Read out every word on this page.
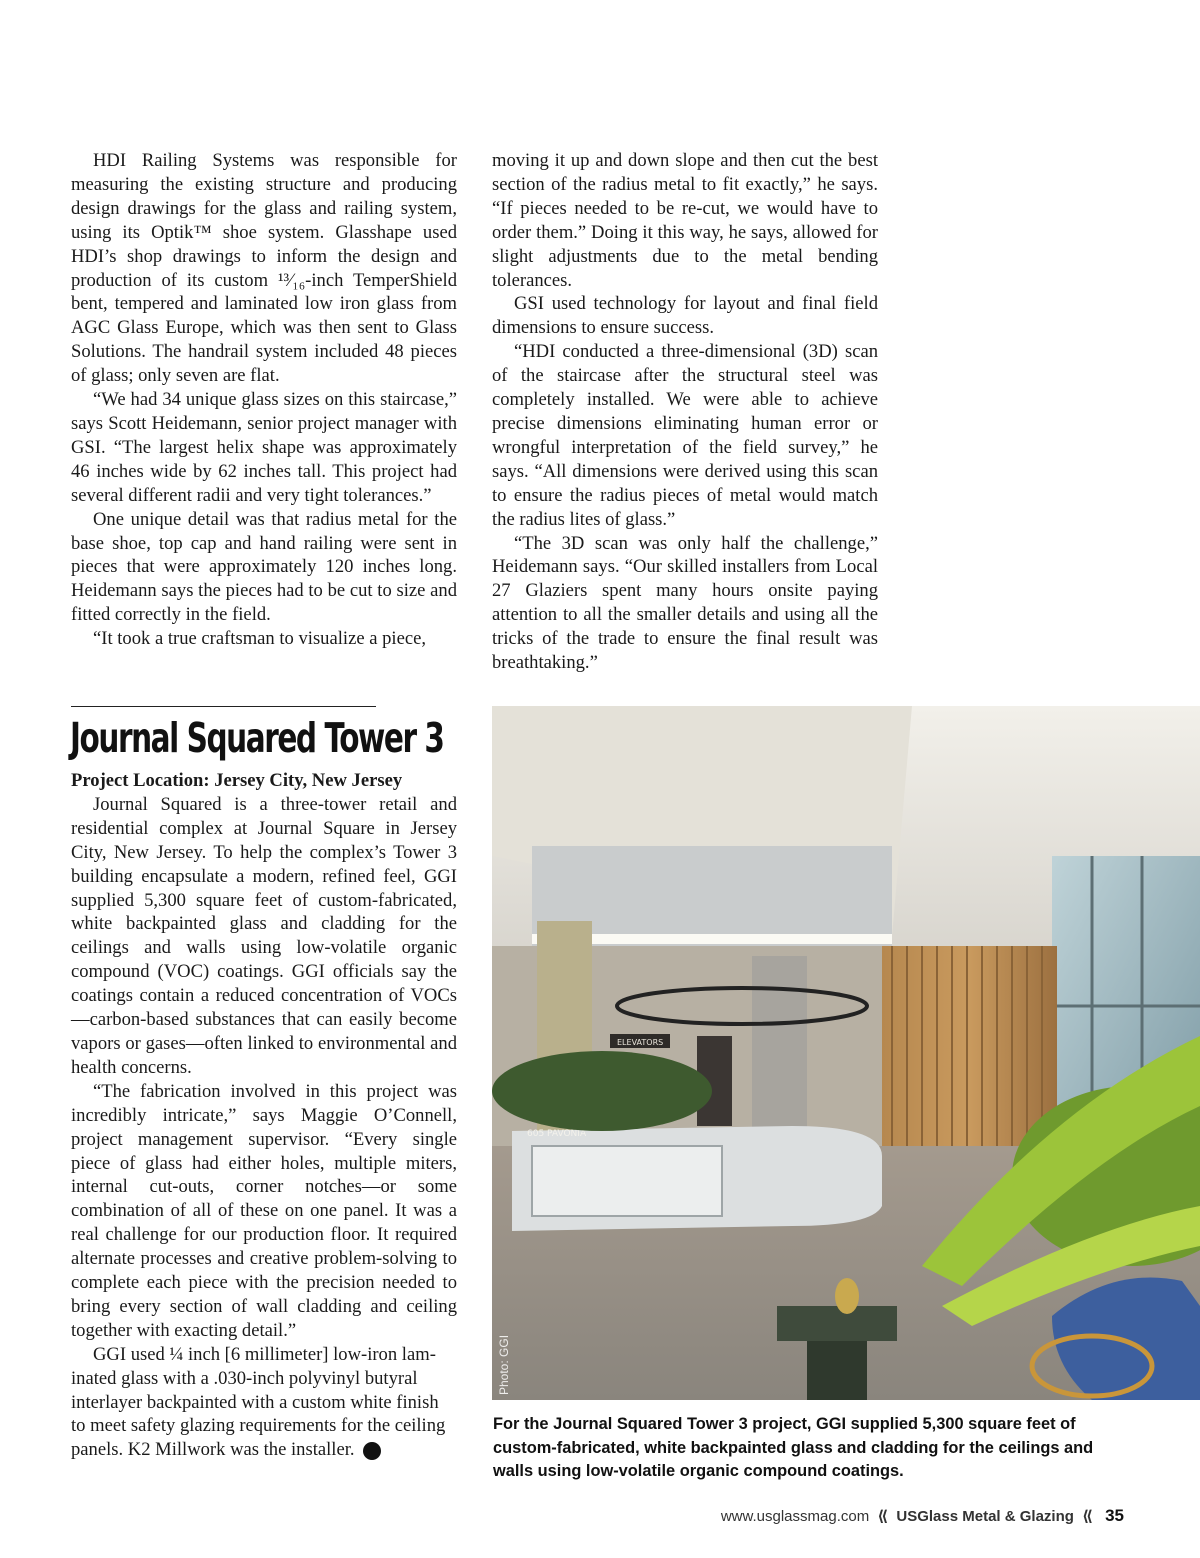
HDI Railing Systems was responsible for measuring the existing structure and producing design drawings for the glass and railing system, using its Optik™ shoe system. Glasshape used HDI’s shop drawings to inform the design and production of its custom ¹³⁄₁₆-inch TemperShield bent, tempered and laminated low iron glass from AGC Glass Europe, which was then sent to Glass Solutions. The handrail system included 48 pieces of glass; only seven are flat.

“We had 34 unique glass sizes on this staircase,” says Scott Heidemann, senior project manager with GSI. “The largest helix shape was approximately 46 inches wide by 62 inches tall. This project had several different radii and very tight tolerances.”

One unique detail was that radius metal for the base shoe, top cap and hand railing were sent in pieces that were approximately 120 inches long. Heidemann says the pieces had to be cut to size and fitted correctly in the field.

“It took a true craftsman to visualize a piece,

moving it up and down slope and then cut the best section of the radius metal to fit exactly,” he says. “If pieces needed to be re-cut, we would have to order them.” Doing it this way, he says, allowed for slight adjustments due to the metal bending tolerances.

GSI used technology for layout and final field dimensions to ensure success.

“HDI conducted a three-dimensional (3D) scan of the staircase after the structural steel was completely installed. We were able to achieve precise dimensions eliminating human error or wrongful interpretation of the field survey,” he says. “All dimensions were derived using this scan to ensure the radius pieces of metal would match the radius lites of glass.”

“The 3D scan was only half the challenge,” Heidemann says. “Our skilled installers from Local 27 Glaziers spent many hours onsite paying attention to all the smaller details and using all the tricks of the trade to ensure the final result was breathtaking.”

Journal Squared Tower 3

Project Location: Jersey City, New Jersey

Journal Squared is a three-tower retail and residential complex at Journal Square in Jersey City, New Jersey. To help the complex’s Tower 3 building encapsulate a modern, refined feel, GGI supplied 5,300 square feet of custom-fabricated, white backpainted glass and cladding for the ceilings and walls using low-volatile organic compound (VOC) coatings. GGI officials say the coatings contain a reduced concentration of VOCs—carbon-based substances that can easily become vapors or gases—often linked to environmental and health concerns.

“The fabrication involved in this project was incredibly intricate,” says Maggie O’Connell, project management supervisor. “Every single piece of glass had either holes, multiple miters, internal cut-outs, corner notches—or some combination of all of these on one panel. It was a real challenge for our production floor. It required alternate processes and creative problem-solving to complete each piece with the precision needed to bring every section of wall cladding and ceiling together with exacting detail.”

GGI used ¼ inch [6 millimeter] low-iron laminated glass with a .030-inch polyvinyl butyral interlayer backpainted with a custom white finish to meet safety glazing requirements for the ceiling panels. K2 Millwork was the installer.	➜

ELEVATORS
605 PAVONIA
Photo: GGI
For the Journal Squared Tower 3 project, GGI supplied 5,300 square feet of custom-fabricated, white backpainted glass and cladding for the ceilings and walls using low-volatile organic compound coatings.
www.usglassmag.com ⟪ USGlass Metal & Glazing ⟪ 35
